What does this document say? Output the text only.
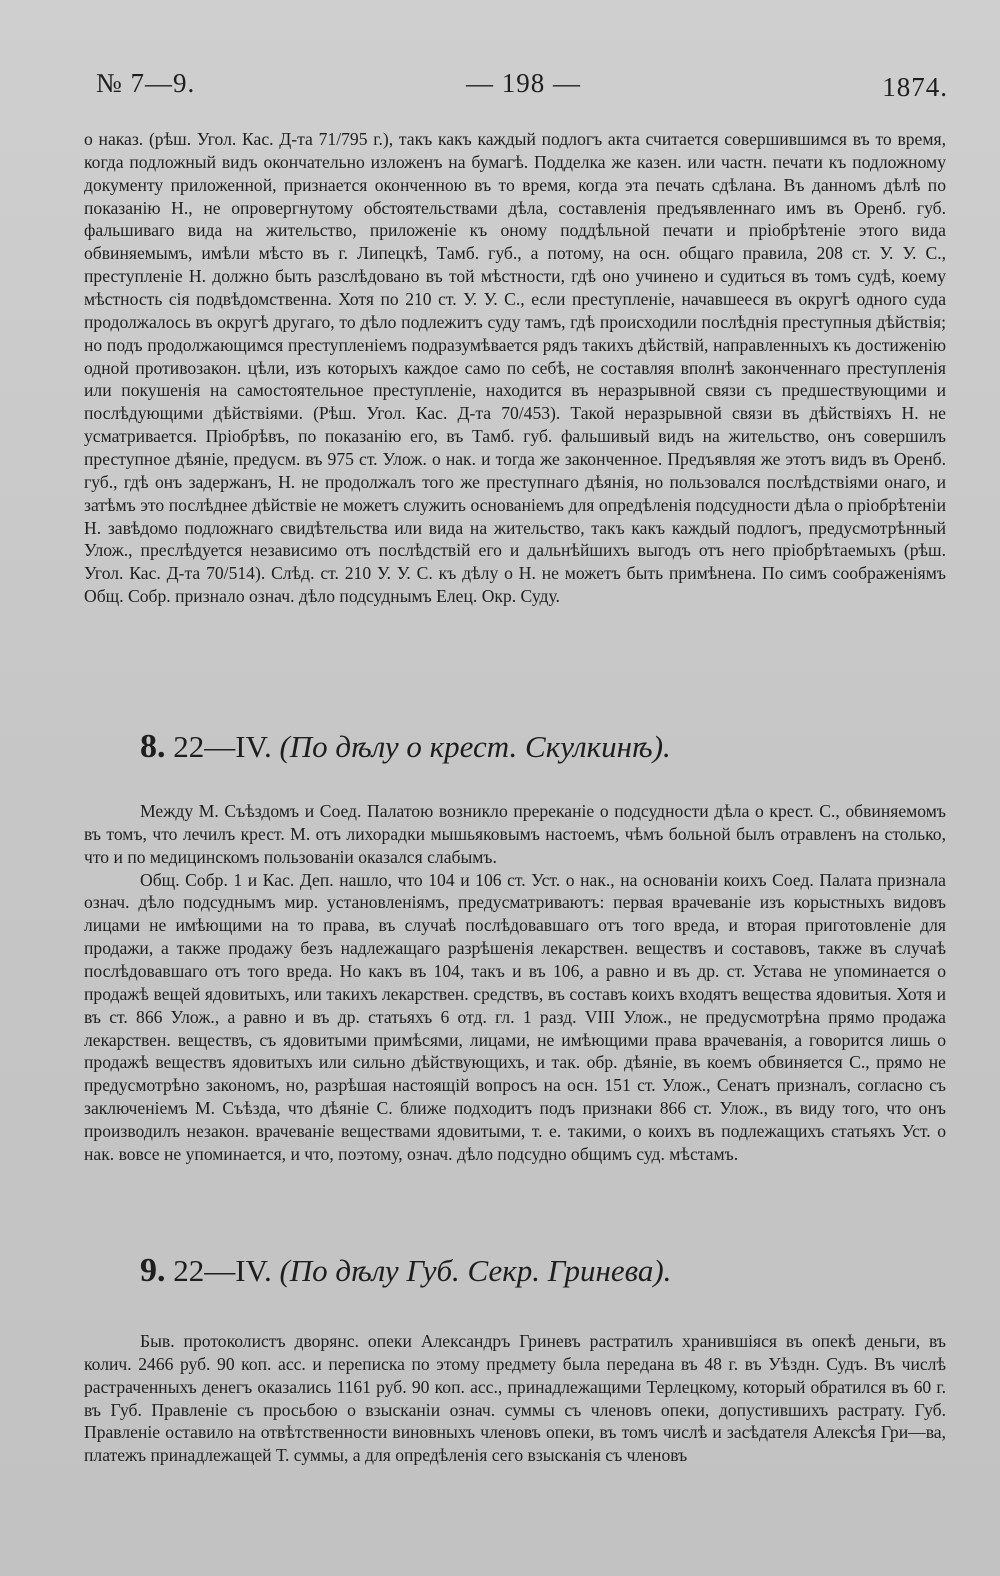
№ 7—9.	— 198 —	1874.

о наказ. (рѣш. Угол. Кас. Д-та 71/795 г.), такъ какъ каждый подлогъ акта считается совершившимся въ то время, когда подложный видъ окончательно изложенъ на бумагѣ. Подделка же казен. или частн. печати къ подложному документу приложенной, признается оконченною въ то время, когда эта печать сдѣлана. Въ данномъ дѣлѣ по показанію Н., не опровергнутому обстоятельствами дѣла, составленія предъявленнаго имъ въ Оренб. губ. фальшиваго вида на жительство, приложеніе къ оному поддѣльной печати и пріобрѣтеніе этого вида обвиняемымъ, имѣли мѣсто въ г. Липецкѣ, Тамб. губ., а потому, на осн. общаго правила, 208 ст. У. У. С., преступленіе Н. должно быть разслѣдовано въ той мѣстности, гдѣ оно учинено и судиться въ томъ судѣ, коему мѣстность сія подвѣдомственна. Хотя по 210 ст. У. У. С., если преступленіе, начавшееся въ округѣ одного суда продолжалось въ округѣ другаго, то дѣло подлежитъ суду тамъ, гдѣ происходили послѣднія преступныя дѣйствія; но подъ продолжающимся преступленіемъ подразумѣвается рядъ такихъ дѣйствій, направленныхъ къ достиженію одной противозакон. цѣли, изъ которыхъ каждое само по себѣ, не составляя вполнѣ законченнаго преступленія или покушенія на самостоятельное преступленіе, находится въ неразрывной связи съ предшествующими и послѣдующими дѣйствіями. (Рѣш. Угол. Кас. Д-та 70/453). Такой неразрывной связи въ дѣйствіяхъ Н. не усматривается. Пріобрѣвъ, по показанію его, въ Тамб. губ. фальшивый видъ на жительство, онъ совершилъ преступное дѣяніе, предусм. въ 975 ст. Улож. о нак. и тогда же законченное. Предъявляя же этотъ видъ въ Оренб. губ., гдѣ онъ задержанъ, Н. не продолжалъ того же преступнаго дѣянія, но пользовался послѣдствіями онаго, и затѣмъ это послѣднее дѣйствіе не можетъ служить основаніемъ для опредѣленія подсудности дѣла о пріобрѣтеніи Н. завѣдомо подложнаго свидѣтельства или вида на жительство, такъ какъ каждый подлогъ, предусмотрѣнный Улож., преслѣдуется независимо отъ послѣдствій его и дальнѣйшихъ выгодъ отъ него пріобрѣтаемыхъ (рѣш. Угол. Кас. Д-та 70/514). Слѣд. ст. 210 У. У. С. къ дѣлу о Н. не можетъ быть примѣнена. По симъ соображеніямъ Общ. Собр. признало означ. дѣло подсуднымъ Елец. Окр. Суду.

8. 22—IV. (По дѣлу о крест. Скулкинѣ).

Между М. Съѣздомъ и Соед. Палатою возникло пререканіе о подсудности дѣла о крест. С., обвиняемомъ въ томъ, что лечилъ крест. М. отъ лихорадки мышьяковымъ настоемъ, чѣмъ больной былъ отравленъ на столько, что и по медицинскомъ пользованіи оказался слабымъ.

Общ. Собр. 1 и Кас. Деп. нашло, что 104 и 106 ст. Уст. о нак., на основаніи коихъ Соед. Палата признала означ. дѣло подсуднымъ мир. установленіямъ, предусматриваютъ: первая врачеваніе изъ корыстныхъ видовъ лицами не имѣющими на то права, въ случаѣ послѣдовавшаго отъ того вреда, и вторая приготовленіе для продажи, а также продажу безъ надлежащаго разрѣшенія лекарствен. веществъ и составовъ, также въ случаѣ послѣдовавшаго отъ того вреда. Но какъ въ 104, такъ и въ 106, а равно и въ др. ст. Устава не упоминается о продажѣ вещей ядовитыхъ, или такихъ лекарствен. средствъ, въ составъ коихъ входятъ вещества ядовитыя. Хотя и въ ст. 866 Улож., а равно и въ др. статьяхъ 6 отд. гл. 1 разд. VIII Улож., не предусмотрѣна прямо продажа лекарствен. веществъ, съ ядовитыми примѣсями, лицами, не имѣющими права врачеванія, а говорится лишь о продажѣ веществъ ядовитыхъ или сильно дѣйствующихъ, и так. обр. дѣяніе, въ коемъ обвиняется С., прямо не предусмотрѣно закономъ, но, разрѣшая настоящій вопросъ на осн. 151 ст. Улож., Сенатъ призналъ, согласно съ заключеніемъ М. Съѣзда, что дѣяніе С. ближе подходитъ подъ признаки 866 ст. Улож., въ виду того, что онъ производилъ незакон. врачеваніе веществами ядовитыми, т. е. такими, о коихъ въ подлежащихъ статьяхъ Уст. о нак. вовсе не упоминается, и что, поэтому, означ. дѣло подсудно общимъ суд. мѣстамъ.

9. 22—IV. (По дѣлу Губ. Секр. Гринева).

Быв. протоколистъ дворянс. опеки Александръ Гриневъ растратилъ хранившіяся въ опекѣ деньги, въ колич. 2466 руб. 90 коп. асс. и переписка по этому предмету была передана въ 48 г. въ Уѣздн. Судъ. Въ числѣ растраченныхъ денегъ оказались 1161 руб. 90 коп. асс., принадлежащими Терлецкому, который обратился въ 60 г. въ Губ. Правленіе съ просьбою о взысканіи означ. суммы съ членовъ опеки, допустившихъ растрату. Губ. Правленіе оставило на отвѣтственности виновныхъ членовъ опеки, въ томъ числѣ и засѣдателя Алексѣя Гри—ва, платежъ принадлежащей Т. суммы, а для опредѣленія сего взысканія съ членовъ
